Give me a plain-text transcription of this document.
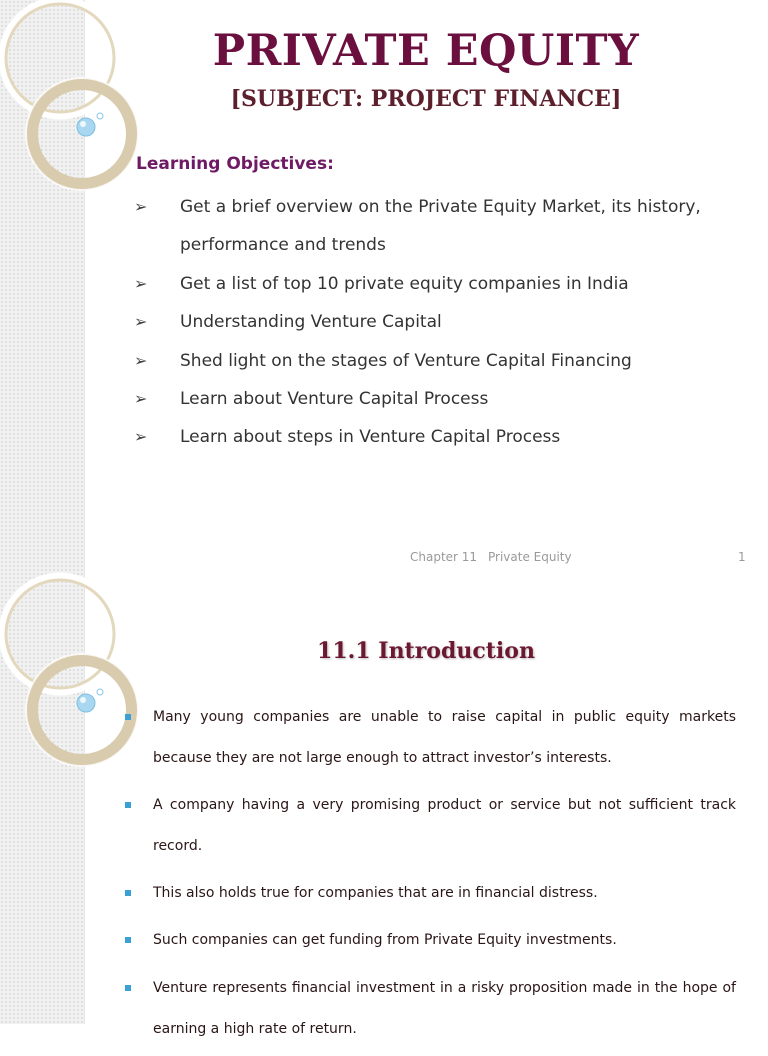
PRIVATE EQUITY
[SUBJECT: PROJECT FINANCE]
Learning Objectives:
➢	Get a brief overview on the Private Equity Market, its history, performance and trends
➢	Get a list of top 10 private equity companies in India
➢	Understanding Venture Capital
➢	Shed light on the stages of Venture Capital Financing
➢	Learn about Venture Capital Process
➢	Learn about steps in Venture Capital Process
Chapter 11 Private Equity	1
11.1 Introduction
Many young companies are unable to raise capital in public equity markets because they are not large enough to attract investor’s interests.
A company having a very promising product or service but not sufficient track record.
This also holds true for companies that are in financial distress.
Such companies can get funding from Private Equity investments.
Venture represents financial investment in a risky proposition made in the hope of earning a high rate of return.
